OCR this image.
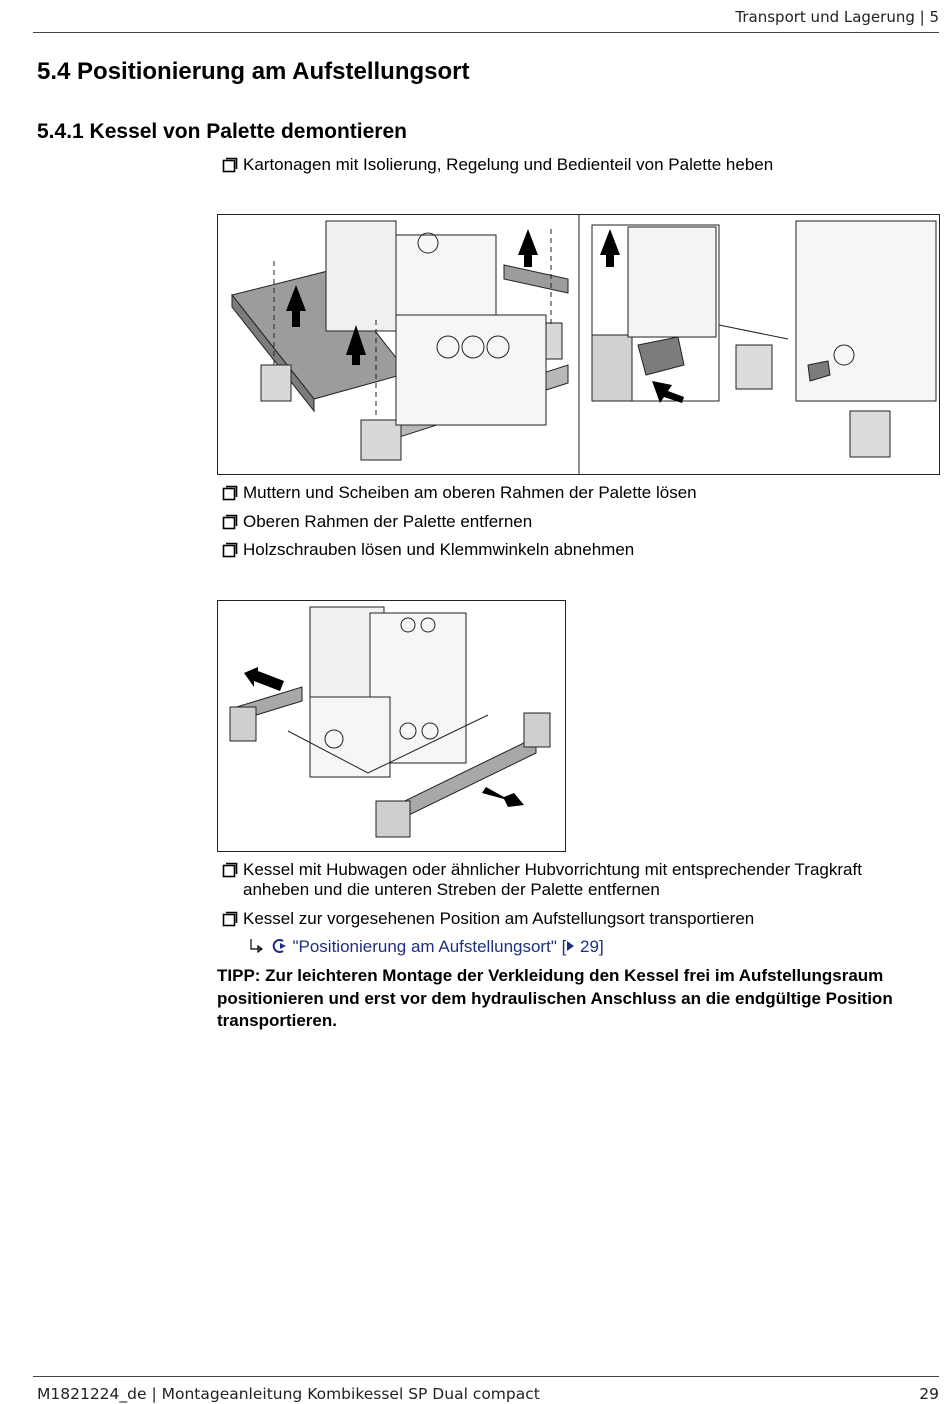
Transport und Lagerung | 5
5.4 Positionierung am Aufstellungsort
5.4.1 Kessel von Palette demontieren
Kartonagen mit Isolierung, Regelung und Bedienteil von Palette heben
Muttern und Scheiben am oberen Rahmen der Palette lösen
Oberen Rahmen der Palette entfernen
Holzschrauben lösen und Klemmwinkeln abnehmen
Kessel mit Hubwagen oder ähnlicher Hubvorrichtung mit entsprechender Tragkraft anheben und die unteren Streben der Palette entfernen
Kessel zur vorgesehenen Position am Aufstellungsort transportieren
"Positionierung am Aufstellungsort" [ 29]
TIPP: Zur leichteren Montage der Verkleidung den Kessel frei im Aufstellungsraum positionieren und erst vor dem hydraulischen Anschluss an die endgültige Position transportieren.
M1821224_de | Montageanleitung Kombikessel SP Dual compact	29
